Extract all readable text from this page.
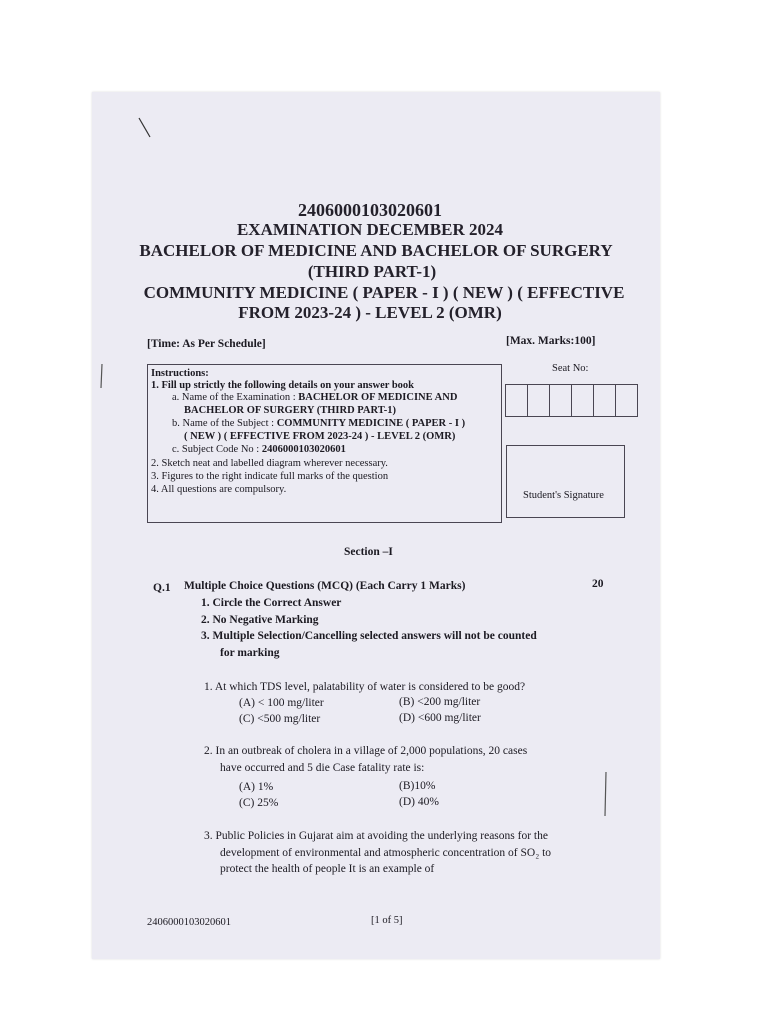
2406000103020601
EXAMINATION DECEMBER 2024
BACHELOR OF MEDICINE AND BACHELOR OF SURGERY
(THIRD PART-1)
COMMUNITY MEDICINE ( PAPER - I ) ( NEW ) ( EFFECTIVE
FROM 2023-24 ) - LEVEL 2 (OMR)
[Time: As Per Schedule]	[Max. Marks:100]
Instructions:
1. Fill up strictly the following details on your answer book
a. Name of the Examination : BACHELOR OF MEDICINE AND
BACHELOR OF SURGERY (THIRD PART-1)
b. Name of the Subject : COMMUNITY MEDICINE ( PAPER - I )
( NEW ) ( EFFECTIVE FROM 2023-24 ) - LEVEL 2 (OMR)
c. Subject Code No : 2406000103020601
2. Sketch neat and labelled diagram wherever necessary.
3. Figures to the right indicate full marks of the question
4. All questions are compulsory.
Seat No:
Student's Signature
Section –I
Q.1 Multiple Choice Questions (MCQ) (Each Carry 1 Marks)	20
1. Circle the Correct Answer
2. No Negative Marking
3. Multiple Selection/Cancelling selected answers will not be counted
for marking
1. At which TDS level, palatability of water is considered to be good?
(A) < 100 mg/liter	(B) <200 mg/liter
(C) <500 mg/liter	(D) <600 mg/liter
2. In an outbreak of cholera in a village of 2,000 populations, 20 cases
have occurred and 5 die Case fatality rate is:
(A) 1%	(B)10%
(C) 25%	(D) 40%
3. Public Policies in Gujarat aim at avoiding the underlying reasons for the
development of environmental and atmospheric concentration of SO₂ to
protect the health of people It is an example of
2406000103020601	[1 of 5]
